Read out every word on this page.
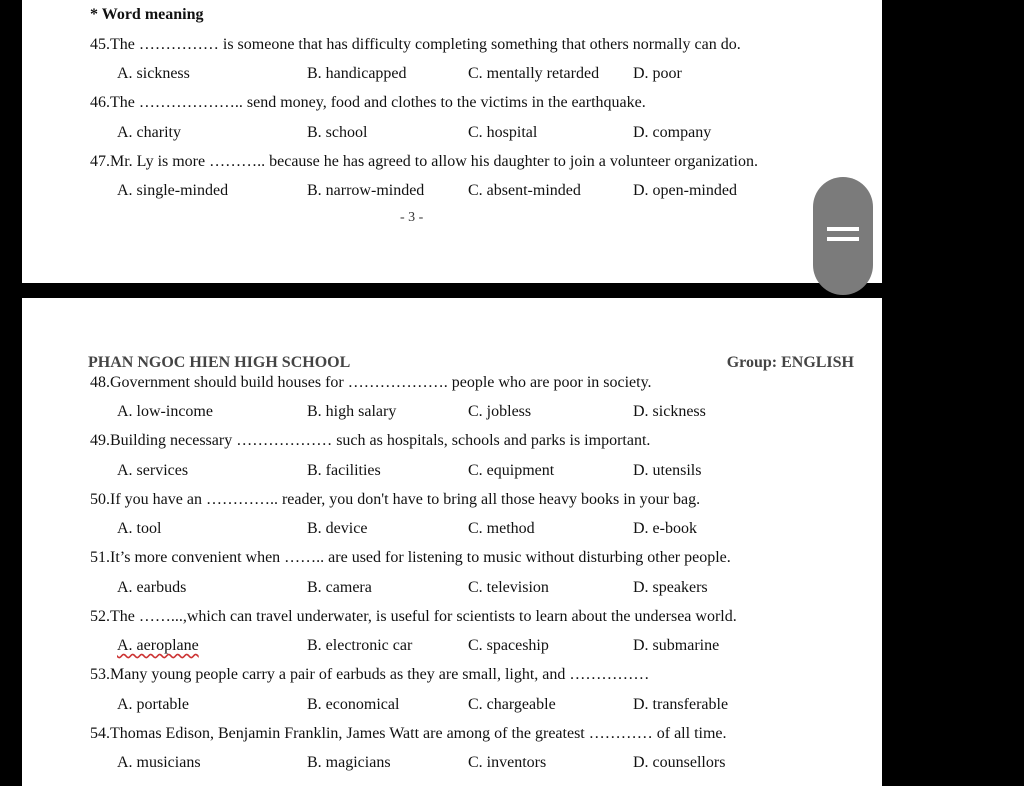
* Word meaning
45.The …………… is someone that has difficulty completing something that others normally can do.
A. sickness	B. handicapped	C. mentally retarded D. poor
46.The ……………….. send money, food and clothes to the victims in the earthquake.
A. charity	B. school	C. hospital	D. company
47.Mr. Ly is more ……….. because he has agreed to allow his daughter to join a volunteer organization.
A. single-minded	B. narrow-minded	C. absent-minded	D. open-minded
- 3 -
PHAN NGOC HIEN HIGH SCHOOL	Group: ENGLISH
48.Government should build houses for ………………. people who are poor in society.
A. low-income	B. high salary	C. jobless	D. sickness
49.Building necessary ……………… such as hospitals, schools and parks is important.
A. services	B. facilities	C. equipment	D. utensils
50.If you have an ………….. reader, you don't have to bring all those heavy books in your bag.
A. tool	B. device	C. method	D. e-book
51.It’s more convenient when …….. are used for listening to music without disturbing other people.
A. earbuds	B. camera	C. television	D. speakers
52.The ……...,which can travel underwater, is useful for scientists to learn about the undersea world.
A. aeroplane	B. electronic car	C. spaceship	D. submarine
53.Many young people carry a pair of earbuds as they are small, light, and ……………
A. portable	B. economical	C. chargeable	D. transferable
54.Thomas Edison, Benjamin Franklin, James Watt are among of the greatest ………… of all time.
A. musicians	B. magicians	C. inventors	D. counsellors
